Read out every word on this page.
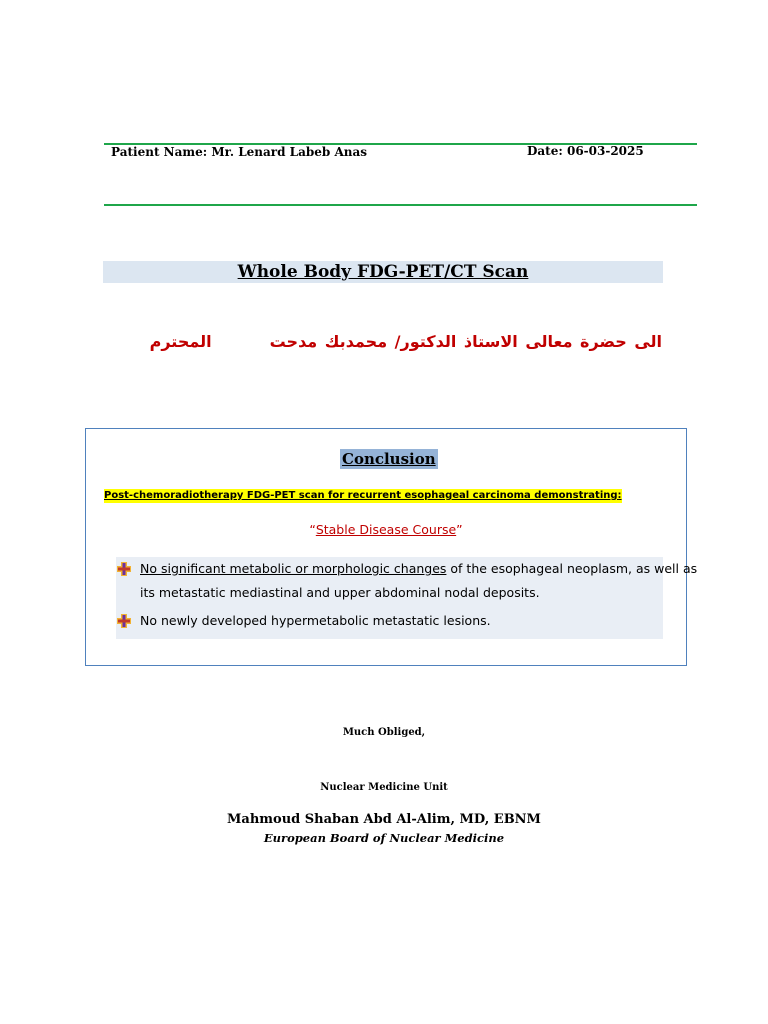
Patient Name: Mr. Lenard Labeb Anas	Date: 06-03-2025
Whole Body FDG-PET/CT Scan
الى حضرة معالى الاستاذ الدكتور/ محمدبك مدحتالمحترم
Conclusion
Post-chemoradiotherapy FDG-PET scan for recurrent esophageal carcinoma demonstrating:
“Stable Disease Course”
No significant metabolic or morphologic changes of the esophageal neoplasm, as well as
its metastatic mediastinal and upper abdominal nodal deposits.
No newly developed hypermetabolic metastatic lesions.
Much Obliged,
Nuclear Medicine Unit
Mahmoud Shaban Abd Al-Alim, MD, EBNM
European Board of Nuclear Medicine
